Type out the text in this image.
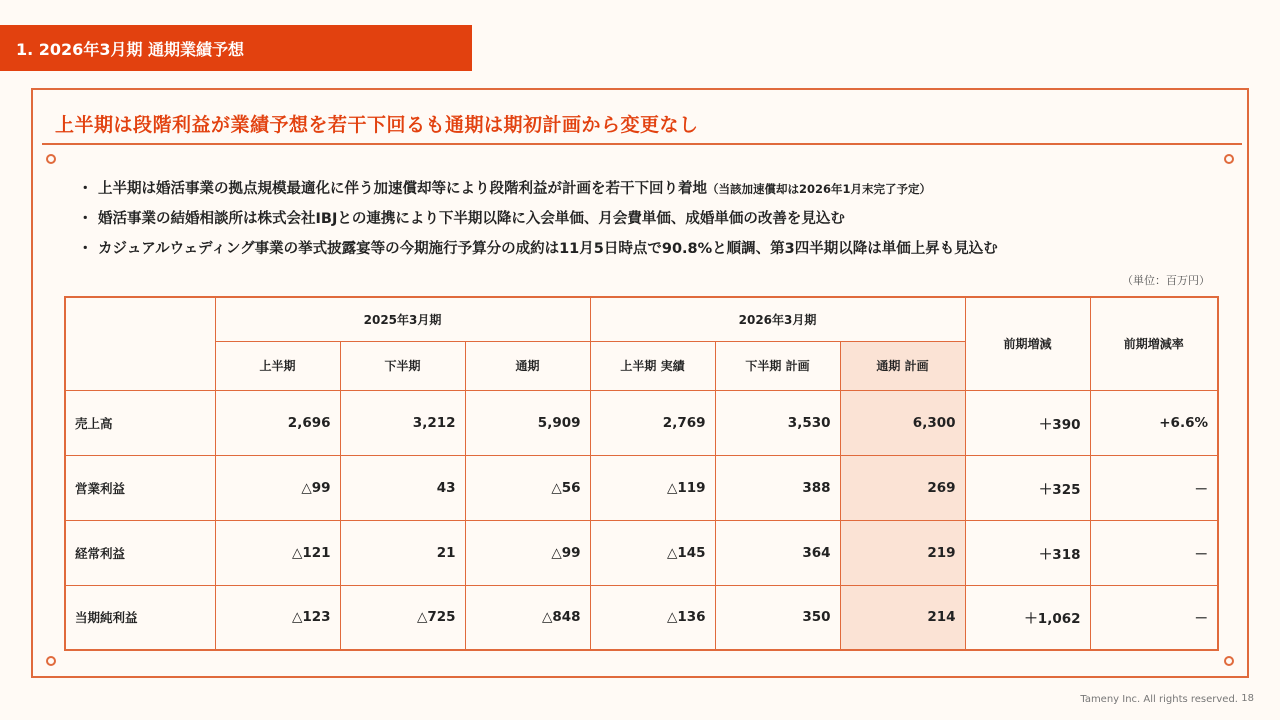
1. 2026年3月期 通期業績予想
上半期は段階利益が業績予想を若干下回るも通期は期初計画から変更なし
・ 上半期は婚活事業の拠点規模最適化に伴う加速償却等により段階利益が計画を若干下回り着地（当該加速償却は2026年1月末完了予定）
・ 婚活事業の結婚相談所は株式会社IBJとの連携により下半期以降に入会単価、月会費単価、成婚単価の改善を見込む
・ カジュアルウェディング事業の挙式披露宴等の今期施行予算分の成約は11月5日時点で90.8%と順調、第3四半期以降は単価上昇も見込む
（単位：百万円）
	2025年3月期			2026年3月期			前期増減	前期増減率
	上半期	下半期	通期	上半期 実績	下半期 計画	通期 計画		
売上高	2,696	3,212	5,909	2,769	3,530	6,300	＋390	+6.6%
営業利益	△99	43	△56	△119	388	269	＋325	－
経常利益	△121	21	△99	△145	364	219	＋318	－
当期純利益	△123	△725	△848	△136	350	214	＋1,062	－
Tameny Inc. All rights reserved. 18
